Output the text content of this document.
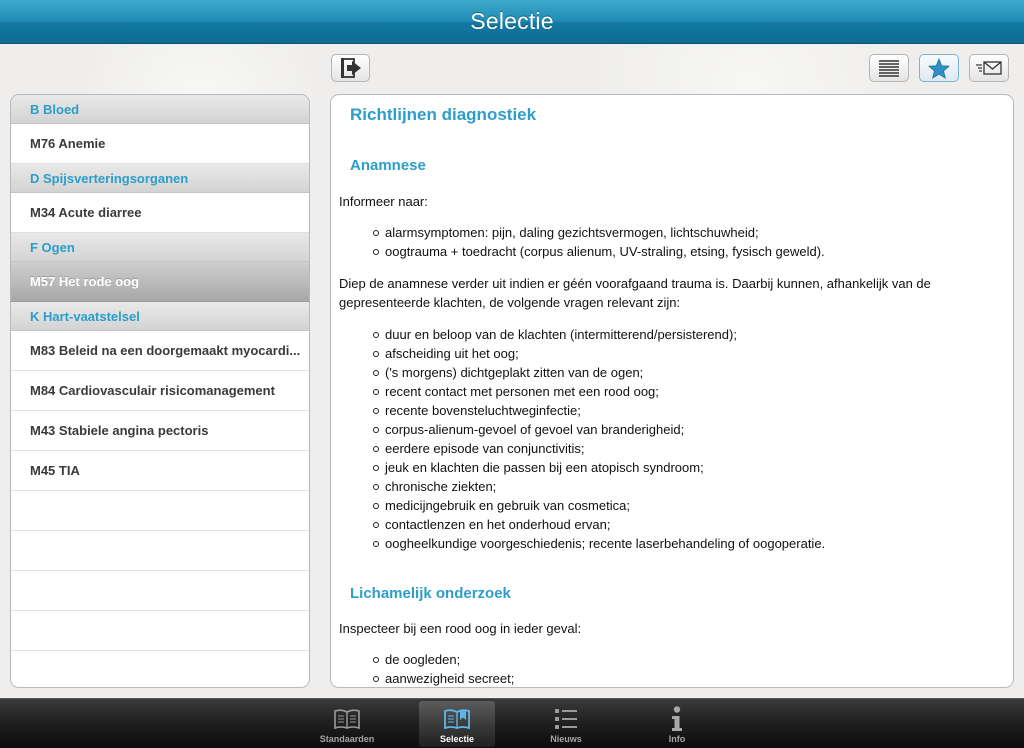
Selectie
B Bloed
M76 Anemie
D Spijsverteringsorganen
M34 Acute diarree
F Ogen
M57 Het rode oog
K Hart-vaatstelsel
M83 Beleid na een doorgemaakt myocardi...
M84 Cardiovasculair risicomanagement
M43 Stabiele angina pectoris
M45 TIA
Richtlijnen diagnostiek
Anamnese

Informeer naar:

alarmsymptomen: pijn, daling gezichtsvermogen, lichtschuwheid;
oogtrauma + toedracht (corpus alienum, UV-straling, etsing, fysisch geweld).

Diep de anamnese verder uit indien er géén voorafgaand trauma is. Daarbij kunnen, afhankelijk van de gepresenteerde klachten, de volgende vragen relevant zijn:

duur en beloop van de klachten (intermitterend/persisterend);
afscheiding uit het oog;
('s morgens) dichtgeplakt zitten van de ogen;
recent contact met personen met een rood oog;
recente bovensteluchtweginfectie;
corpus-alienum-gevoel of gevoel van branderigheid;
eerdere episode van conjunctivitis;
jeuk en klachten die passen bij een atopisch syndroom;
chronische ziekten;
medicijngebruik en gebruik van cosmetica;
contactlenzen en het onderhoud ervan;
oogheelkundige voorgeschiedenis; recente laserbehandeling of oogoperatie.
Lichamelijk onderzoek

Inspecteer bij een rood oog in ieder geval:

de oogleden;
aanwezigheid secreet;
Standaarden	Selectie	Nieuws	Info
